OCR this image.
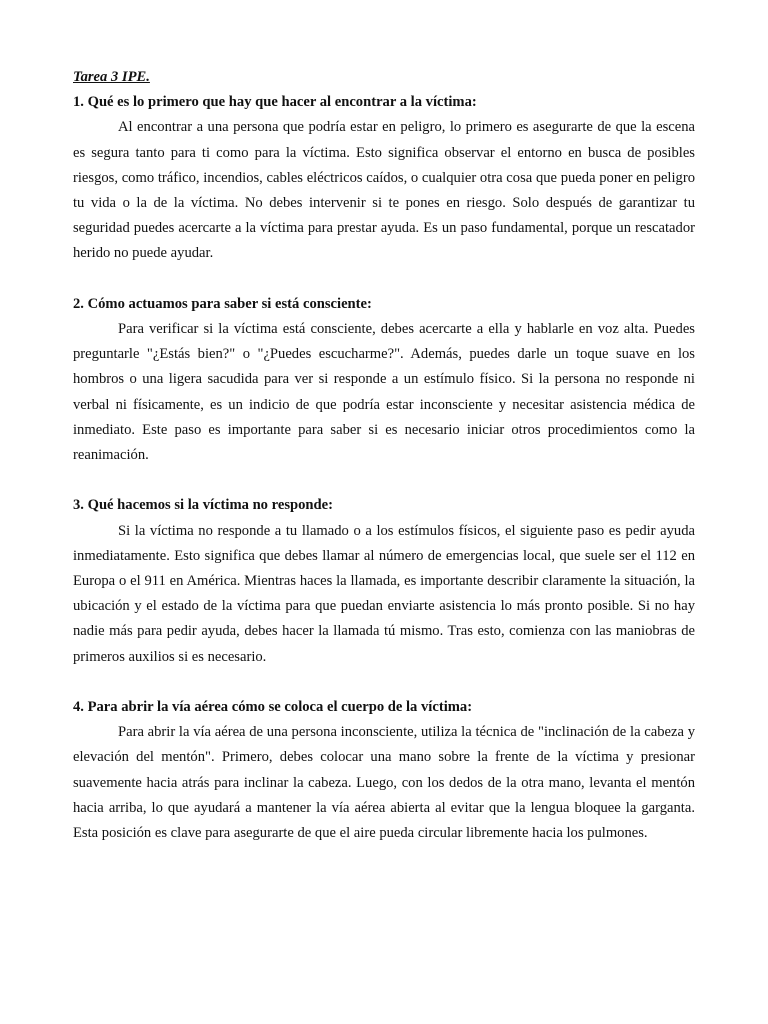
Tarea 3 IPE.

1. Qué es lo primero que hay que hacer al encontrar a la víctima:

Al encontrar a una persona que podría estar en peligro, lo primero es asegurarte de que la escena es segura tanto para ti como para la víctima. Esto significa observar el entorno en busca de posibles riesgos, como tráfico, incendios, cables eléctricos caídos, o cualquier otra cosa que pueda poner en peligro tu vida o la de la víctima. No debes intervenir si te pones en riesgo. Solo después de garantizar tu seguridad puedes acercarte a la víctima para prestar ayuda. Es un paso fundamental, porque un rescatador herido no puede ayudar.

2. Cómo actuamos para saber si está consciente:

Para verificar si la víctima está consciente, debes acercarte a ella y hablarle en voz alta. Puedes preguntarle "¿Estás bien?" o "¿Puedes escucharme?". Además, puedes darle un toque suave en los hombros o una ligera sacudida para ver si responde a un estímulo físico. Si la persona no responde ni verbal ni físicamente, es un indicio de que podría estar inconsciente y necesitar asistencia médica de inmediato. Este paso es importante para saber si es necesario iniciar otros procedimientos como la reanimación.

3. Qué hacemos si la víctima no responde:

Si la víctima no responde a tu llamado o a los estímulos físicos, el siguiente paso es pedir ayuda inmediatamente. Esto significa que debes llamar al número de emergencias local, que suele ser el 112 en Europa o el 911 en América. Mientras haces la llamada, es importante describir claramente la situación, la ubicación y el estado de la víctima para que puedan enviarte asistencia lo más pronto posible. Si no hay nadie más para pedir ayuda, debes hacer la llamada tú mismo. Tras esto, comienza con las maniobras de primeros auxilios si es necesario.

4. Para abrir la vía aérea cómo se coloca el cuerpo de la víctima:

Para abrir la vía aérea de una persona inconsciente, utiliza la técnica de "inclinación de la cabeza y elevación del mentón". Primero, debes colocar una mano sobre la frente de la víctima y presionar suavemente hacia atrás para inclinar la cabeza. Luego, con los dedos de la otra mano, levanta el mentón hacia arriba, lo que ayudará a mantener la vía aérea abierta al evitar que la lengua bloquee la garganta. Esta posición es clave para asegurarte de que el aire pueda circular libremente hacia los pulmones.
